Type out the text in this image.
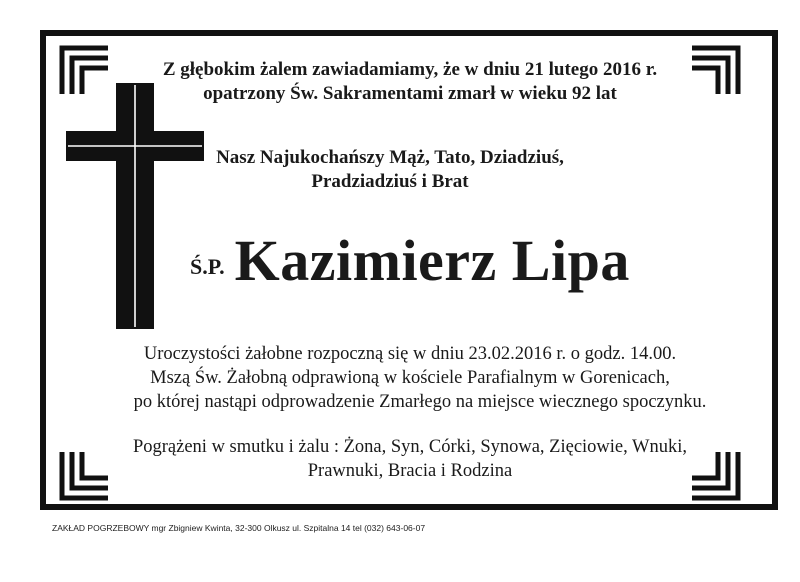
Z głębokim żalem zawiadamiamy, że w dniu 21 lutego 2016 r.
opatrzony Św. Sakramentami zmarł w wieku 92 lat
Nasz Najukochańszy Mąż, Tato, Dziadziuś,
Pradziadziuś i Brat
Ś.P. Kazimierz Lipa
Uroczystości żałobne rozpoczną się w dniu 23.02.2016 r. o godz. 14.00.
Mszą Św. Żałobną odprawioną w kościele Parafialnym w Gorenicach,
po której nastąpi odprowadzenie Zmarłego na miejsce wiecznego spoczynku.
Pogrążeni w smutku i żalu : Żona, Syn, Córki, Synowa, Zięciowie, Wnuki,
Prawnuki, Bracia i Rodzina
ZAKŁAD POGRZEBOWY mgr Zbigniew Kwinta, 32-300 Olkusz ul. Szpitalna 14 tel (032) 643-06-07
